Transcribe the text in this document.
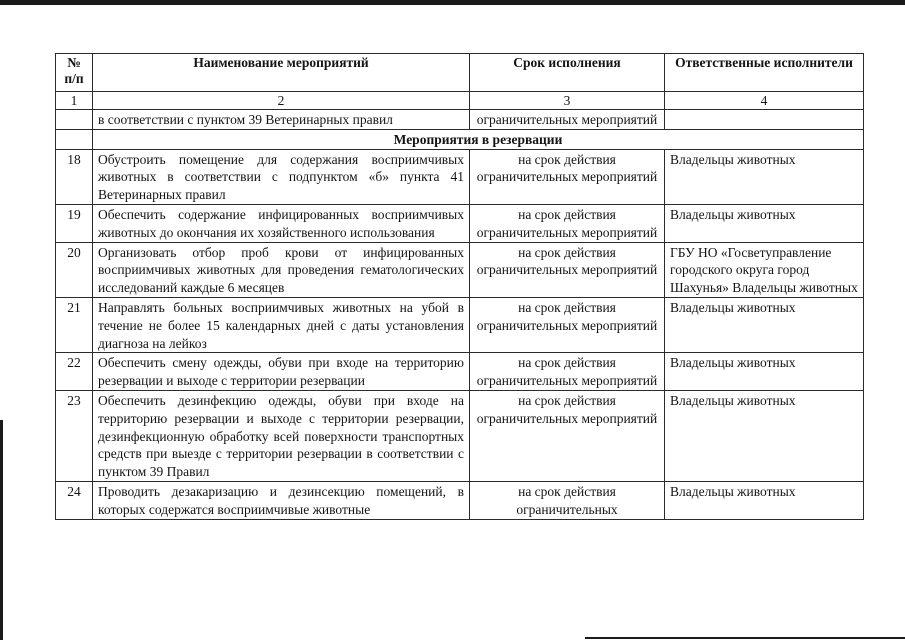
№ п/п	Наименование мероприятий	Срок исполнения	Ответственные исполнители
1	2	3	4
	в соответствии с пунктом 39 Ветеринарных правил	ограничительных мероприятий	
	Мероприятия в резервации		
18	Обустроить помещение для содержания восприимчивых животных в соответствии с подпунктом «б» пункта 41 Ветеринарных правил	на срок действия ограничительных мероприятий	Владельцы животных
19	Обеспечить содержание инфицированных восприимчивых животных до окончания их хозяйственного использования	на срок действия ограничительных мероприятий	Владельцы животных
20	Организовать отбор проб крови от инфицированных восприимчивых животных для проведения гематологических исследований каждые 6 месяцев	на срок действия ограничительных мероприятий	ГБУ НО «Госветуправление городского округа город Шахунья» Владельцы животных
21	Направлять больных восприимчивых животных на убой в течение не более 15 календарных дней с даты установления диагноза на лейкоз	на срок действия ограничительных мероприятий	Владельцы животных
22	Обеспечить смену одежды, обуви при входе на территорию резервации и выходе с территории резервации	на срок действия ограничительных мероприятий	Владельцы животных
23	Обеспечить дезинфекцию одежды, обуви при входе на территорию резервации и выходе с территории резервации, дезинфекционную обработку всей поверхности транспортных средств при выезде с территории резервации в соответствии с пунктом 39 Правил	на срок действия ограничительных мероприятий	Владельцы животных
24	Проводить дезакаризацию и дезинсекцию помещений, в которых содержатся восприимчивые животные	на срок действия ограничительных	Владельцы животных
